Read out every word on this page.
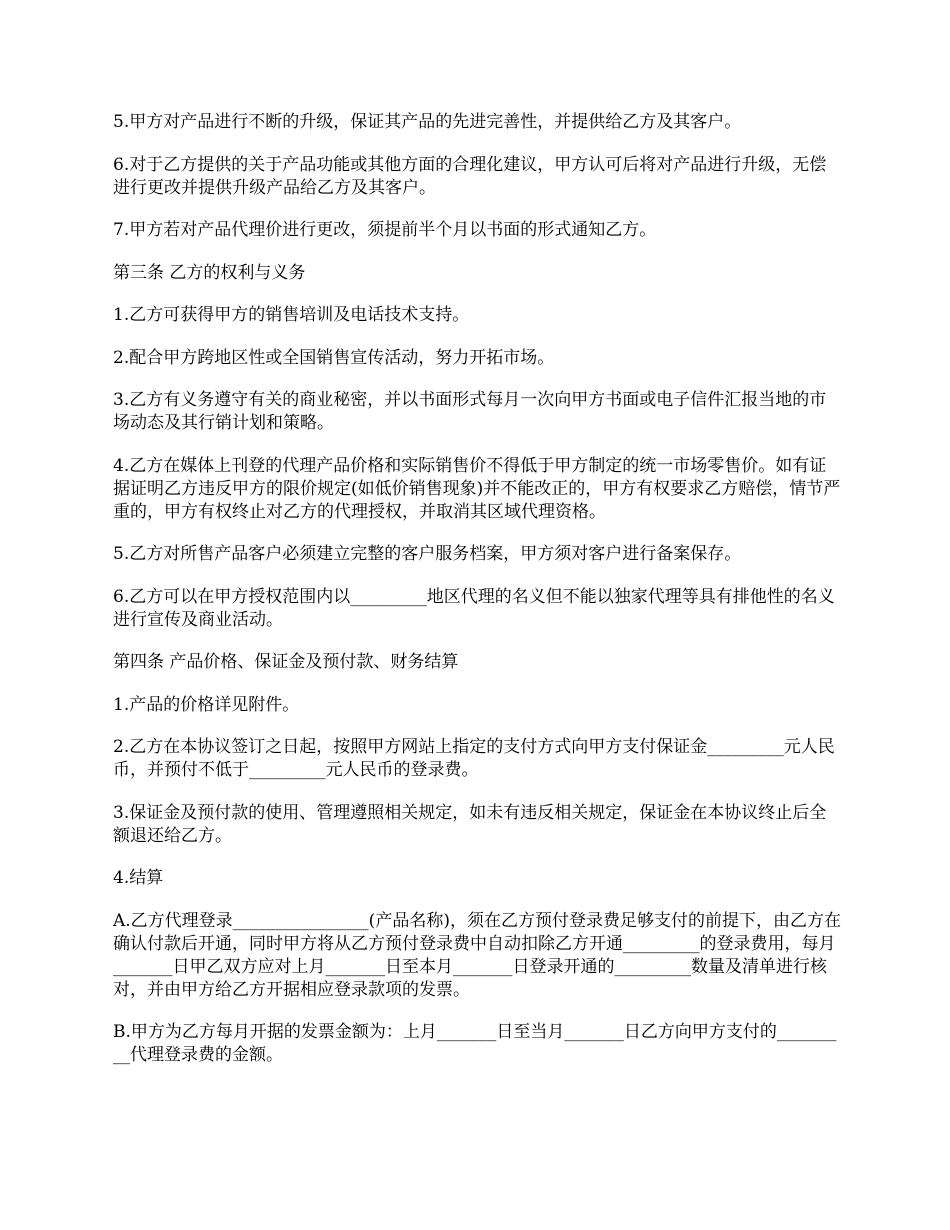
5.甲方对产品进行不断的升级，保证其产品的先进完善性，并提供给乙方及其客户。

6.对于乙方提供的关于产品功能或其他方面的合理化建议，甲方认可后将对产品进行升级，无偿进行更改并提供升级产品给乙方及其客户。

7.甲方若对产品代理价进行更改，须提前半个月以书面的形式通知乙方。

第三条 乙方的权利与义务

1.乙方可获得甲方的销售培训及电话技术支持。

2.配合甲方跨地区性或全国销售宣传活动，努力开拓市场。

3.乙方有义务遵守有关的商业秘密，并以书面形式每月一次向甲方书面或电子信件汇报当地的市场动态及其行销计划和策略。

4.乙方在媒体上刊登的代理产品价格和实际销售价不得低于甲方制定的统一市场零售价。如有证据证明乙方违反甲方的限价规定(如低价销售现象)并不能改正的，甲方有权要求乙方赔偿，情节严重的，甲方有权终止对乙方的代理授权，并取消其区域代理资格。

5.乙方对所售产品客户必须建立完整的客户服务档案，甲方须对客户进行备案保存。

6.乙方可以在甲方授权范围内以_________地区代理的名义但不能以独家代理等具有排他性的名义进行宣传及商业活动。

第四条 产品价格、保证金及预付款、财务结算

1.产品的价格详见附件。

2.乙方在本协议签订之日起，按照甲方网站上指定的支付方式向甲方支付保证金_________元人民币，并预付不低于_________元人民币的登录费。

3.保证金及预付款的使用、管理遵照相关规定，如未有违反相关规定，保证金在本协议终止后全额退还给乙方。

4.结算

A.乙方代理登录________________(产品名称)，须在乙方预付登录费足够支付的前提下，由乙方在确认付款后开通，同时甲方将从乙方预付登录费中自动扣除乙方开通_________的登录费用，每月_______日甲乙双方应对上月_______日至本月_______日登录开通的_________数量及清单进行核对，并由甲方给乙方开据相应登录款项的发票。

B.甲方为乙方每月开据的发票金额为：上月_______日至当月_______日乙方向甲方支付的_________代理登录费的金额。
